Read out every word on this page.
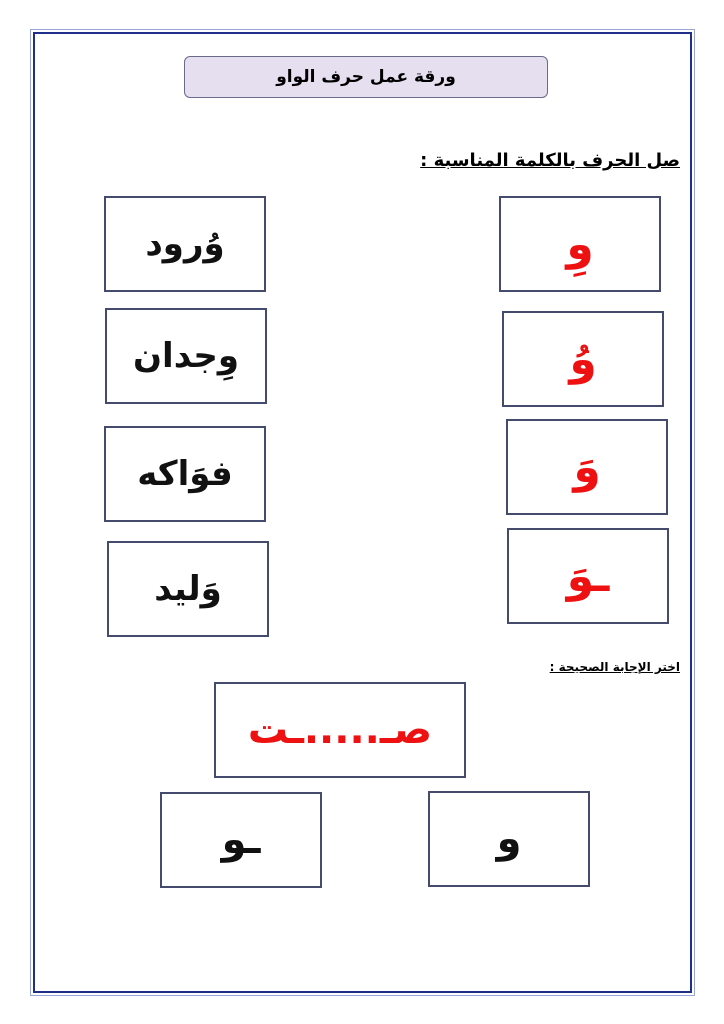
ورقة عمل حرف الواو
صل الحرف بالكلمة المناسبة :
وُرود
وِجدان
فوَاكه
وَليد
وِ
وُ
وَ
ـوَ
اختر الإجابة الصحيحة :
صـ.....ـت
ـو	و
